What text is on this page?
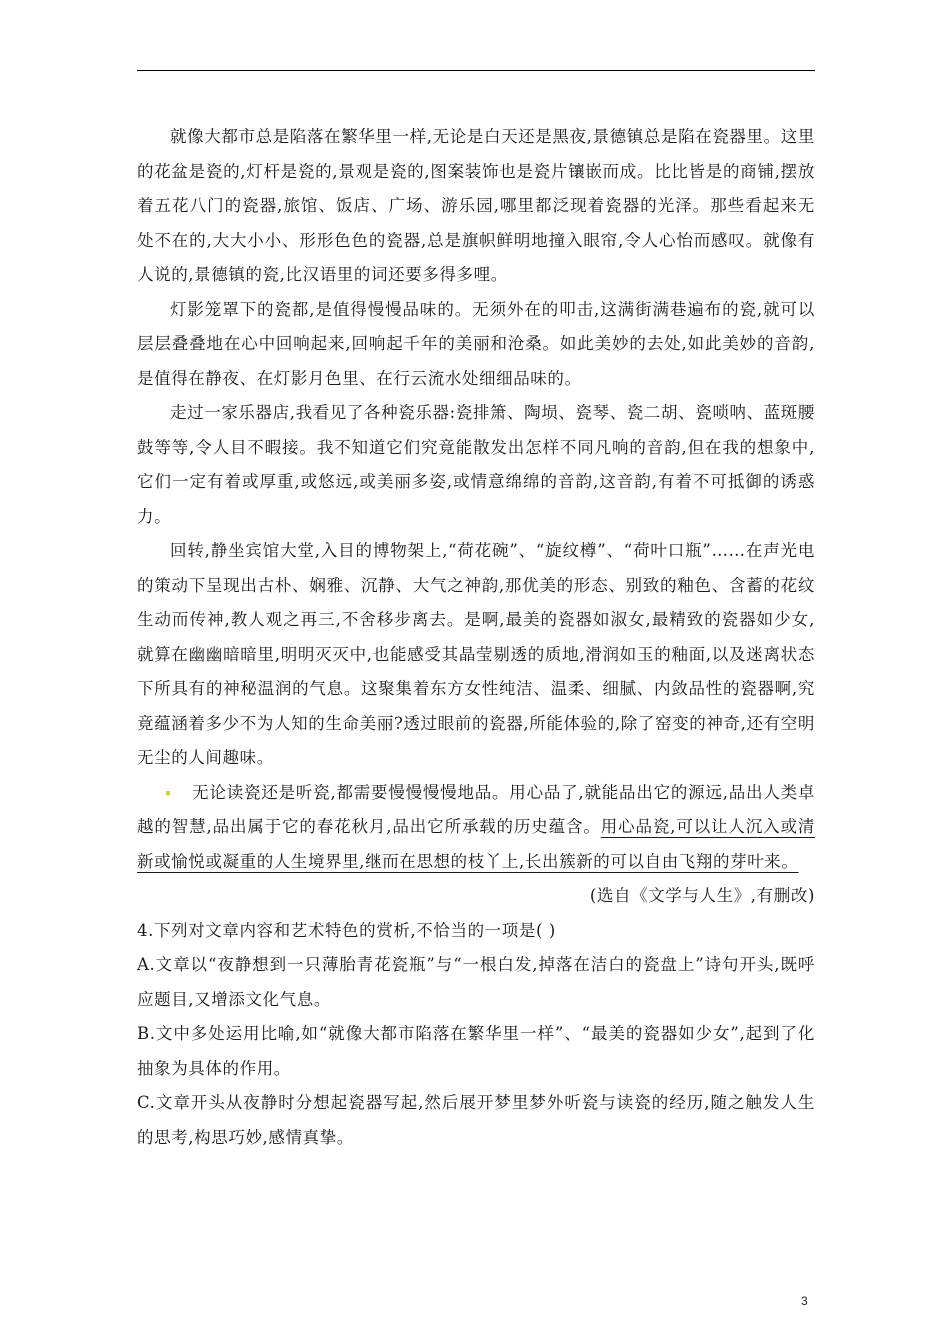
就像大都市总是陷落在繁华里一样,无论是白天还是黑夜,景德镇总是陷在瓷器里。这里的花盆是瓷的,灯杆是瓷的,景观是瓷的,图案装饰也是瓷片镶嵌而成。比比皆是的商铺,摆放着五花八门的瓷器,旅馆、饭店、广场、游乐园,哪里都泛现着瓷器的光泽。那些看起来无处不在的,大大小小、形形色色的瓷器,总是旗帜鲜明地撞入眼帘,令人心怡而感叹。就像有人说的,景德镇的瓷,比汉语里的词还要多得多哩。

灯影笼罩下的瓷都,是值得慢慢品味的。无须外在的叩击,这满街满巷遍布的瓷,就可以层层叠叠地在心中回响起来,回响起千年的美丽和沧桑。如此美妙的去处,如此美妙的音韵,是值得在静夜、在灯影月色里、在行云流水处细细品味的。

走过一家乐器店,我看见了各种瓷乐器:瓷排箫、陶埙、瓷琴、瓷二胡、瓷唢呐、蓝斑腰鼓等等,令人目不暇接。我不知道它们究竟能散发出怎样不同凡响的音韵,但在我的想象中,它们一定有着或厚重,或悠远,或美丽多姿,或情意绵绵的音韵,这音韵,有着不可抵御的诱惑力。

回转,静坐宾馆大堂,入目的博物架上,“荷花碗”、“旋纹樽”、“荷叶口瓶”……在声光电的策动下呈现出古朴、娴雅、沉静、大气之神韵,那优美的形态、别致的釉色、含蓄的花纹生动而传神,教人观之再三,不舍移步离去。是啊,最美的瓷器如淑女,最精致的瓷器如少女,就算在幽幽暗暗里,明明灭灭中,也能感受其晶莹剔透的质地,滑润如玉的釉面,以及迷离状态下所具有的神秘温润的气息。这聚集着东方女性纯洁、温柔、细腻、内敛品性的瓷器啊,究竟蕴涵着多少不为人知的生命美丽?透过眼前的瓷器,所能体验的,除了窑变的神奇,还有空明无尘的人间趣味。

无论读瓷还是听瓷,都需要慢慢慢慢地品。用心品了,就能品出它的源远,品出人类卓越的智慧,品出属于它的春花秋月,品出它所承载的历史蕴含。用心品瓷,可以让人沉入或清新或愉悦或凝重的人生境界里,继而在思想的枝丫上,长出簇新的可以自由飞翔的芽叶来。

(选自《文学与人生》,有删改)

4.下列对文章内容和艺术特色的赏析,不恰当的一项是( )

A.文章以“夜静想到一只薄胎青花瓷瓶”与“一根白发,掉落在洁白的瓷盘上”诗句开头,既呼应题目,又增添文化气息。

B.文中多处运用比喻,如“就像大都市陷落在繁华里一样”、“最美的瓷器如少女”,起到了化抽象为具体的作用。

C.文章开头从夜静时分想起瓷器写起,然后展开梦里梦外听瓷与读瓷的经历,随之触发人生的思考,构思巧妙,感情真挚。

3
